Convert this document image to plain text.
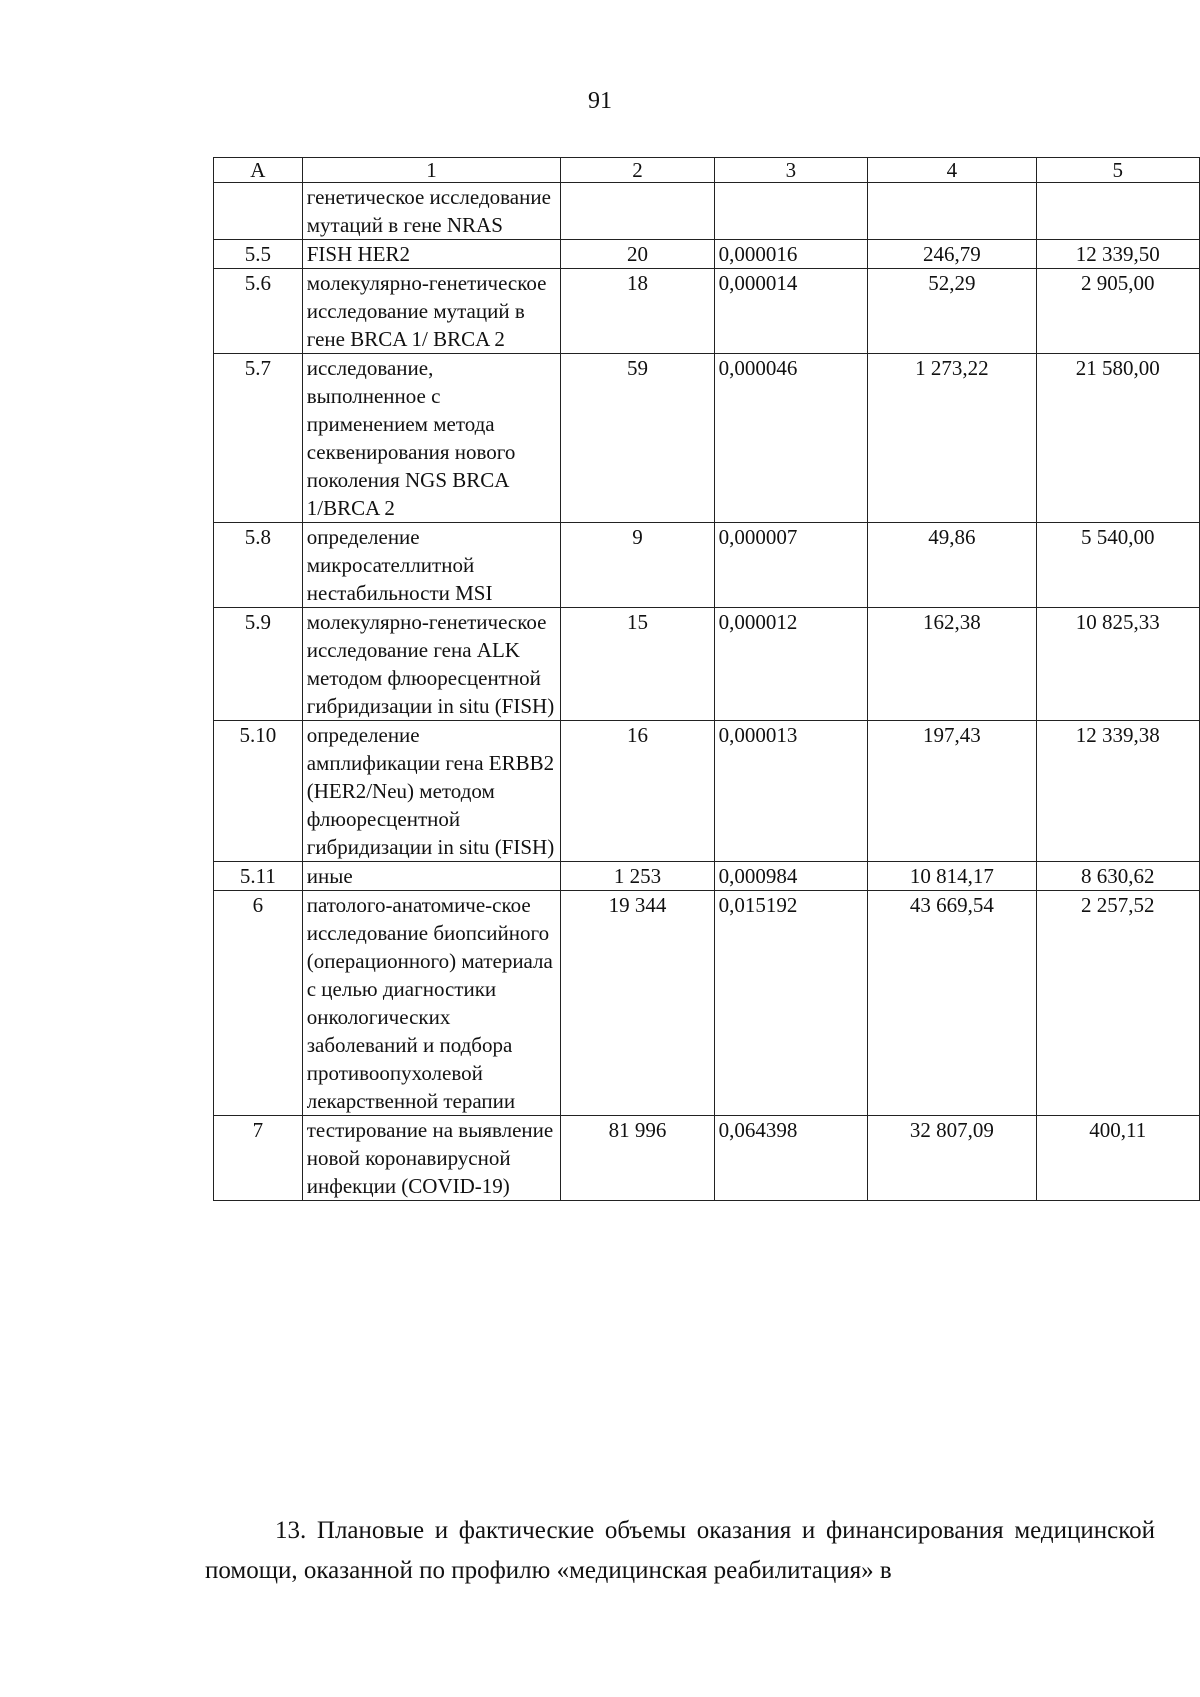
91
А	1	2	3	4	5
	генетическое исследование мутаций в гене NRAS				
5.5	FISH HER2	20	0,000016	246,79	12 339,50
5.6	молекулярно-генетическое исследование мутаций в гене BRCA 1/ BRCA 2	18	0,000014	52,29	2 905,00
5.7	исследование, выполненное с применением метода секвенирования нового поколения NGS BRCA 1/BRCA 2	59	0,000046	1 273,22	21 580,00
5.8	определение микросателлитной нестабильности MSI	9	0,000007	49,86	5 540,00
5.9	молекулярно-генетическое исследование гена ALK методом флюоресцентной гибридизации in situ (FISH)	15	0,000012	162,38	10 825,33
5.10	определение амплификации гена ERBB2 (HER2/Neu) методом флюоресцентной гибридизации in situ (FISH)	16	0,000013	197,43	12 339,38
5.11	иные	1 253	0,000984	10 814,17	8 630,62
6	патолого-анатомиче-ское исследование биопсийного (операционного) материала с целью диагностики онкологических заболеваний и подбора противоопухолевой лекарственной терапии	19 344	0,015192	43 669,54	2 257,52
7	тестирование на выявление новой коронавирусной инфекции (COVID-19)	81 996	0,064398	32 807,09	400,11

13. Плановые и фактические объемы оказания и финансирования медицинской помощи, оказанной по профилю «медицинская реабилитация» в
